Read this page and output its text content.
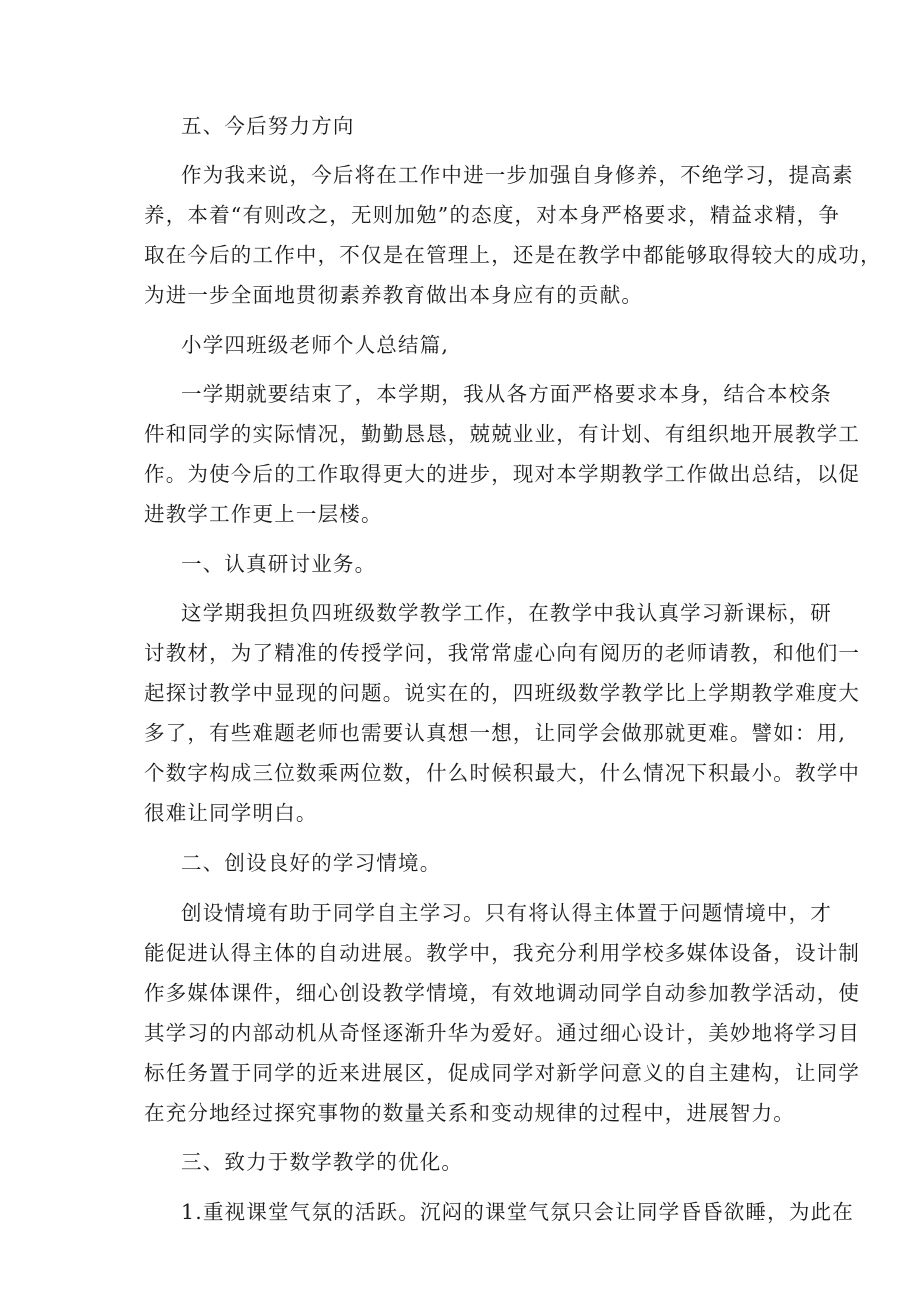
五、今后努力方向
作为我来说，今后将在工作中进一步加强自身修养，不绝学习，提高素
养，本着“有则改之，无则加勉”的态度，对本身严格要求，精益求精，争
取在今后的工作中，不仅是在管理上，还是在教学中都能够取得较大的成功，
为进一步全面地贯彻素养教育做出本身应有的贡献。
小学四班级老师个人总结篇,
一学期就要结束了，本学期，我从各方面严格要求本身，结合本校条
件和同学的实际情况，勤勤恳恳，兢兢业业，有计划、有组织地开展教学工
作。为使今后的工作取得更大的进步，现对本学期教学工作做出总结，以促
进教学工作更上一层楼。
一、认真研讨业务。
这学期我担负四班级数学教学工作，在教学中我认真学习新课标，研
讨教材，为了精准的传授学问，我常常虚心向有阅历的老师请教，和他们一
起探讨教学中显现的问题。说实在的，四班级数学教学比上学期教学难度大
多了，有些难题老师也需要认真想一想，让同学会做那就更难。譬如：用,
个数字构成三位数乘两位数，什么时候积最大，什么情况下积最小。教学中
很难让同学明白。
二、创设良好的学习情境。
创设情境有助于同学自主学习。只有将认得主体置于问题情境中，才
能促进认得主体的自动进展。教学中，我充分利用学校多媒体设备，设计制
作多媒体课件，细心创设教学情境，有效地调动同学自动参加教学活动，使
其学习的内部动机从奇怪逐渐升华为爱好。通过细心设计，美妙地将学习目
标任务置于同学的近来进展区，促成同学对新学问意义的自主建构，让同学
在充分地经过探究事物的数量关系和变动规律的过程中，进展智力。
三、致力于数学教学的优化。
1.重视课堂气氛的活跃。沉闷的课堂气氛只会让同学昏昏欲睡，为此在
